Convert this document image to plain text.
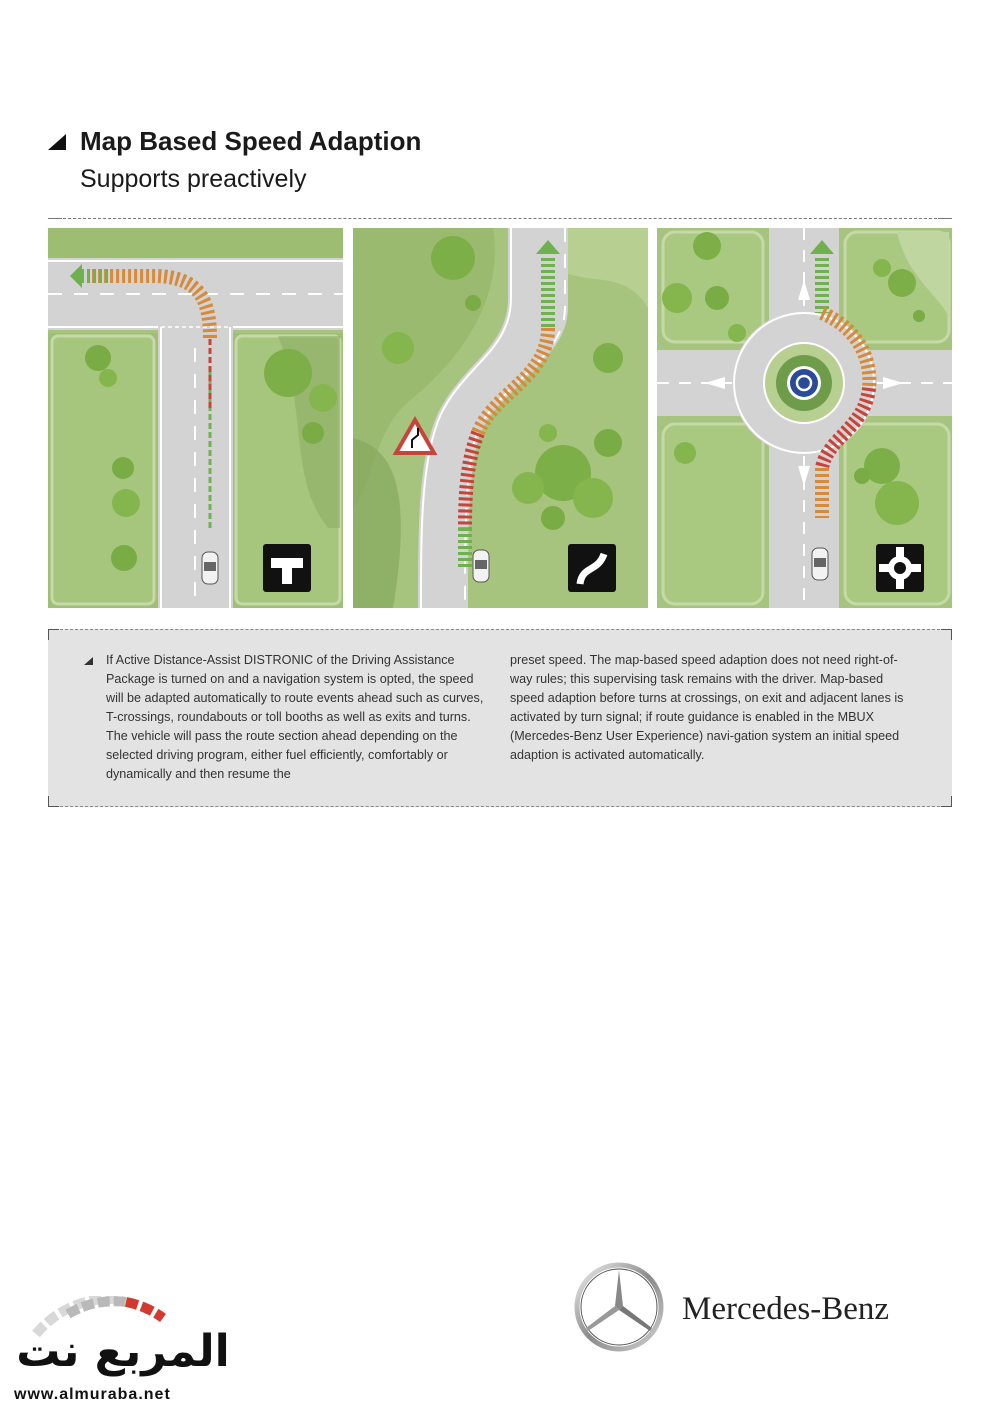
Map Based Speed Adaption
Supports preactively
If Active Distance-Assist DISTRONIC of the Driving Assistance Package is turned on and a navigation system is opted, the speed will be adapted automatically to route events ahead such as curves, T-crossings, roundabouts or toll booths as well as exits and turns. The vehicle will pass the route section ahead depending on the selected driving program, either fuel efficiently, comfortably or dynamically and then resume the
preset speed. The map-based speed adaption does not need right-of-way rules; this supervising task remains with the driver. Map-based speed adaption before turns at crossings, on exit and adjacent lanes is activated by turn signal; if route guidance is enabled in the MBUX (Mercedes-Benz User Experience) navi-gation system an initial speed adaption is activated automatically.
المربع نت
www.almuraba.net
Mercedes-Benz
